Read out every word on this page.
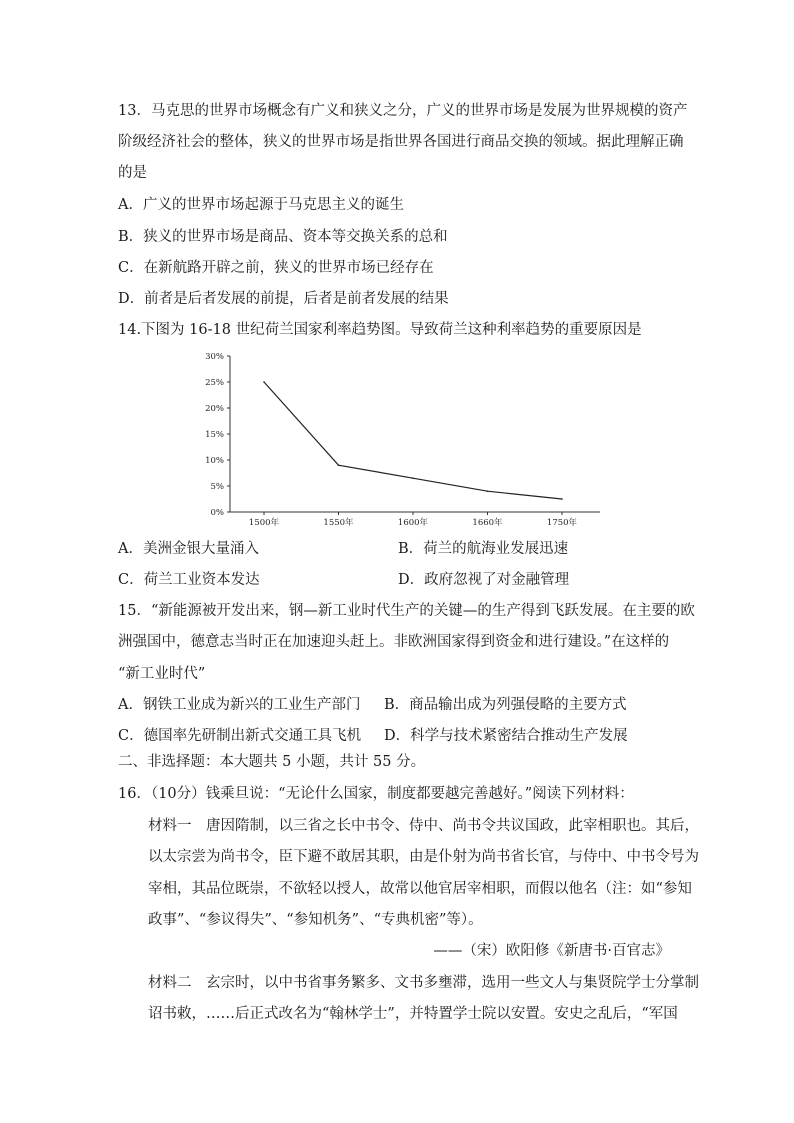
13．马克思的世界市场概念有广义和狭义之分，广义的世界市场是发展为世界规模的资产
阶级经济社会的整体，狭义的世界市场是指世界各国进行商品交换的领域。据此理解正确
的是
A．广义的世界市场起源于马克思主义的诞生
B．狭义的世界市场是商品、资本等交换关系的总和
C．在新航路开辟之前，狭义的世界市场已经存在
D．前者是后者发展的前提，后者是前者发展的结果
14.下图为 16-18 世纪荷兰国家利率趋势图。导致荷兰这种利率趋势的重要原因是
0%
5%
10%
15%
20%
25%
30%
1500年	1550年	1600年	1660年	1750年
A．美洲金银大量涌入	B．荷兰的航海业发展迅速
C．荷兰工业资本发达	D．政府忽视了对金融管理
15．“新能源被开发出来，钢—新工业时代生产的关键—的生产得到飞跃发展。在主要的欧
洲强国中，德意志当时正在加速迎头赶上。非欧洲国家得到资金和进行建设。”在这样的
“新工业时代”
A．钢铁工业成为新兴的工业生产部门 B．商品输出成为列强侵略的主要方式
C．德国率先研制出新式交通工具飞机 D．科学与技术紧密结合推动生产发展
二、非选择题：本大题共 5 小题，共计 55 分。
16．（10分）钱乘旦说：“无论什么国家，制度都要越完善越好。”阅读下列材料：
材料一　唐因隋制，以三省之长中书令、侍中、尚书令共议国政，此宰相职也。其后，
以太宗尝为尚书令，臣下避不敢居其职，由是仆射为尚书省长官，与侍中、中书令号为
宰相，其品位既崇，不欲轻以授人，故常以他官居宰相职，而假以他名（注：如“参知
政事”、“参议得失”、“参知机务”、“专典机密”等）。
——（宋）欧阳修《新唐书·百官志》
材料二　玄宗时，以中书省事务繁多、文书多壅滞，选用一些文人与集贤院学士分掌制
诏书敕，……后正式改名为“翰林学士”，并特置学士院以安置。安史之乱后，“军国
